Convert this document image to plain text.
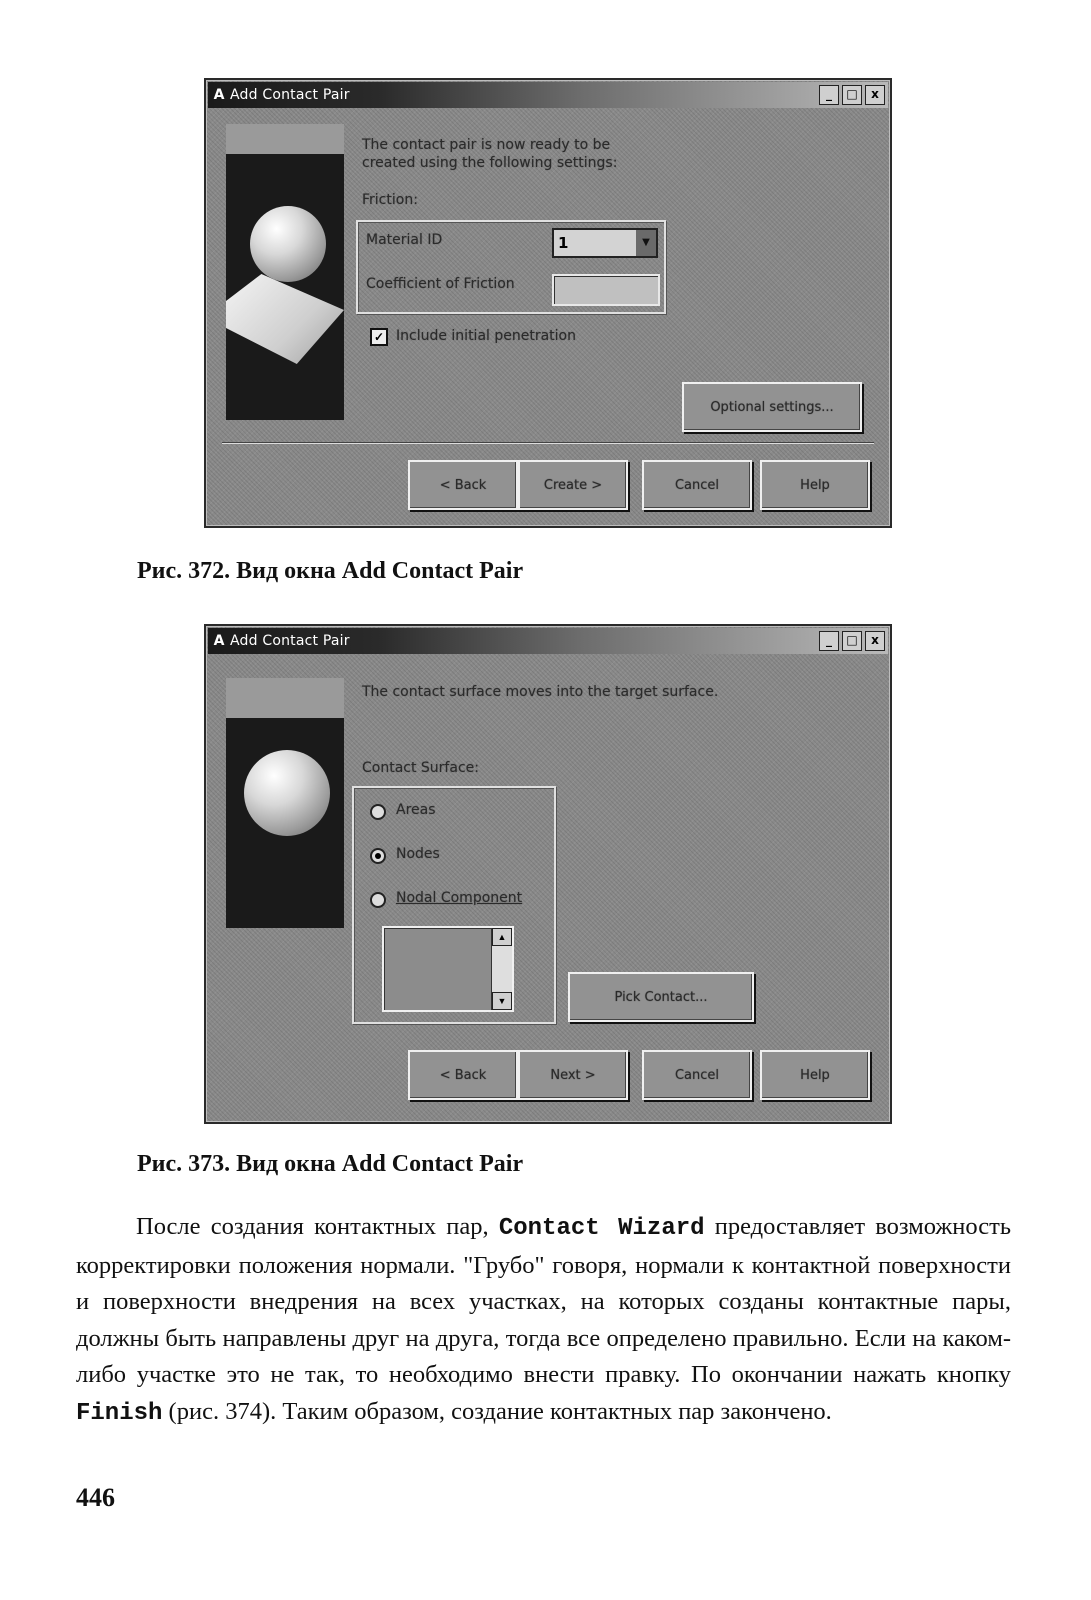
A Add Contact Pair	_	□	x
The contact pair is now ready to be created using the following settings:
Friction:
Material ID	1	▼
Coefficient of Friction
✓ Include initial penetration
Optional settings...
< Back	Create >	Cancel	Help
Рис. 372. Вид окна Add Contact Pair
A Add Contact Pair	_	□	x
The contact surface moves into the target surface.
Contact Surface:
Areas
Nodes
Nodal Component
▲
▼	Pick Contact...
< Back	Next >	Cancel	Help
Рис. 373. Вид окна Add Contact Pair
После создания контактных пар, Contact Wizard предоставляет возможность корректировки положения нормали. "Грубо" говоря, нормали к контактной поверхности и поверхности внедрения на всех участках, на которых созданы контактные пары, должны быть направлены друг на друга, тогда все определено правильно. Если на каком-либо участке это не так, то необходимо внести правку. По окончании нажать кнопку Finish (рис. 374). Таким образом, создание контактных пар закончено.
446
